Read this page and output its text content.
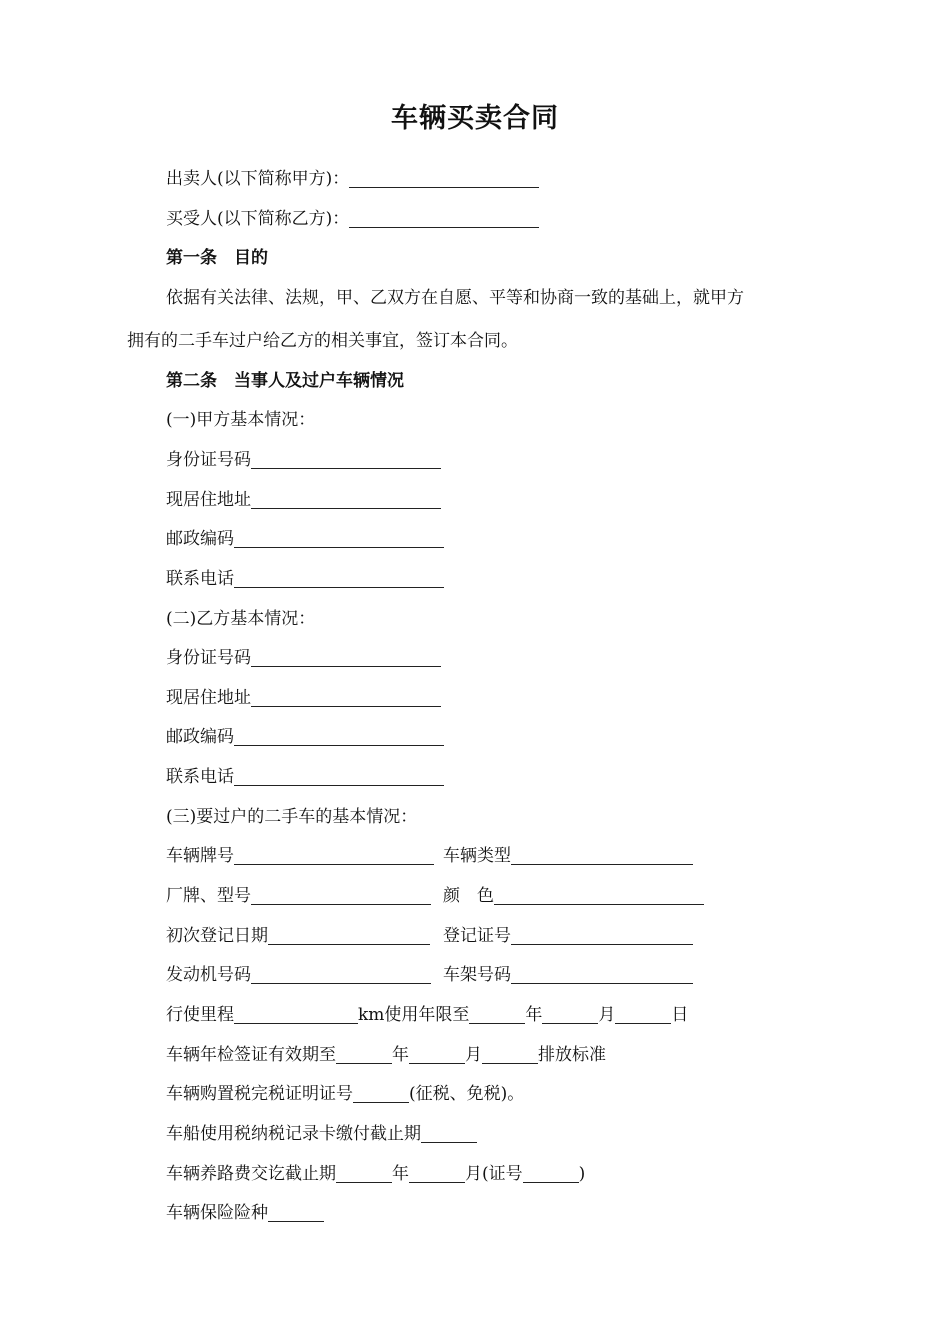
车辆买卖合同
出卖人(以下简称甲方)：
买受人(以下简称乙方)：
第一条　目的
依据有关法律、法规，甲、乙双方在自愿、平等和协商一致的基础上，就甲方
拥有的二手车过户给乙方的相关事宜，签订本合同。
第二条　当事人及过户车辆情况
(一)甲方基本情况：
身份证号码
现居住地址
邮政编码
联系电话
(二)乙方基本情况：
身份证号码
现居住地址
邮政编码
联系电话
(三)要过户的二手车的基本情况：
车辆牌号	车辆类型
厂牌、型号	颜　色
初次登记日期	登记证号
发动机号码	车架号码
行使里程	km使用年限至	年	月	日
车辆年检签证有效期至	年	月	排放标准
车辆购置税完税证明证号	(征税、免税)。
车船使用税纳税记录卡缴付截止期
车辆养路费交讫截止期	年	月(证号	)
车辆保险险种
